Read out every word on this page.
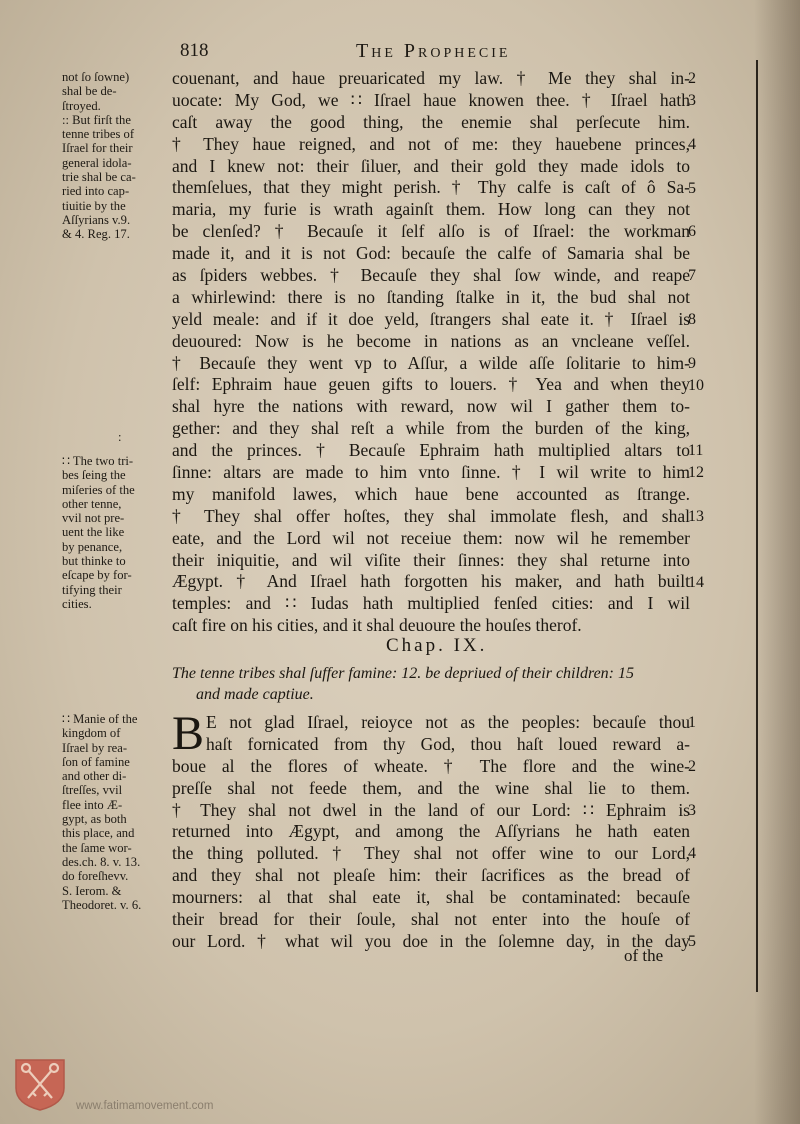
818	The Prophecie
couenant, and haue preuaricated my law. † Me they shal in-
uocate: My God, we ∷ Iſrael haue knowen thee. † Iſrael hath
caſt away the good thing, the enemie shal perſecute him.
† They haue reigned, and not of me: they hauebene princes,
and I knew not: their ſiluer, and their gold they made idols to
themſelues, that they might perish. † Thy calfe is caſt of ô Sa-
maria, my furie is wrath againſt them. How long can they not
be clenſed? † Becauſe it ſelf alſo is of Iſrael: the workman
made it, and it is not God: becauſe the calfe of Samaria shal be
as ſpiders webbes. † Becauſe they shal ſow winde, and reape
a whirlewind: there is no ſtanding ſtalke in it, the bud shal not
yeld meale: and if it doe yeld, ſtrangers shal eate it. † Iſrael is
deuoured: Now is he become in nations as an vncleane veſſel.
† Becauſe they went vp to Aſſur, a wilde aſſe ſolitarie to him-
ſelf: Ephraim haue geuen gifts to louers. † Yea and when they
shal hyre the nations with reward, now wil I gather them to-
gether: and they shal reſt a while from the burden of the king,
and the princes. † Becauſe Ephraim hath multiplied altars to
ſinne: altars are made to him vnto ſinne. † I wil write to him
my manifold lawes, which haue bene accounted as ſtrange.
† They shal offer hoſtes, they shal immolate flesh, and shal
eate, and the Lord wil not receiue them: now wil he remember
their iniquitie, and wil viſite their ſinnes: they shal returne into
Ægypt. † And Iſrael hath forgotten his maker, and hath built
temples: and ∷ Iudas hath multiplied fenſed cities: and I wil
caſt fire on his cities, and it shal deuoure the houſes therof.
2
3
4
5
6
7
8
9
10
11
12
13
14
not ſo ſowne)
shal be de-
ſtroyed.
:: But firſt the
tenne tribes of
Iſrael for their
general idola-
trie shal be ca-
ried into cap-
tiuitie by the
Aſſyrians v.9.
& 4. Reg. 17.
:
∷ The two tri-
bes ſeing the
miſeries of the
other tenne,
vvil not pre-
uent the like
by penance,
but thinke to
eſcape by for-
tifying their
cities.
∷ Manie of the
kingdom of
Iſrael by rea-
ſon of famine
and other di-
ſtreſſes, vvil
flee into Æ-
gypt, as both
this place, and
the ſame wor-
des.ch. 8. v. 13.
do foreſhevv.
S. Ierom. &
Theodoret. v. 6.
Chap. IX.
The tenne tribes shal ſuffer famine: 12. be depriued of their children: 15
and made captiue.
B E not glad Iſrael, reioyce not as the peoples: becauſe thou
haſt fornicated from thy God, thou haſt loued reward a-
boue al the flores of wheate. † The flore and the wine-
preſſe shal not feede them, and the wine shal lie to them.
† They shal not dwel in the land of our Lord: ∷ Ephraim is
returned into Ægypt, and among the Aſſyrians he hath eaten
the thing polluted. † They shal not offer wine to our Lord,
and they shal not pleaſe him: their ſacrifices as the bread of
mourners: al that shal eate it, shal be contaminated: becauſe
their bread for their ſoule, shal not enter into the houſe of
our Lord. † what wil you doe in the ſolemne day, in the day
1
2
3
4
5
of the
www.fatimamovement.com
